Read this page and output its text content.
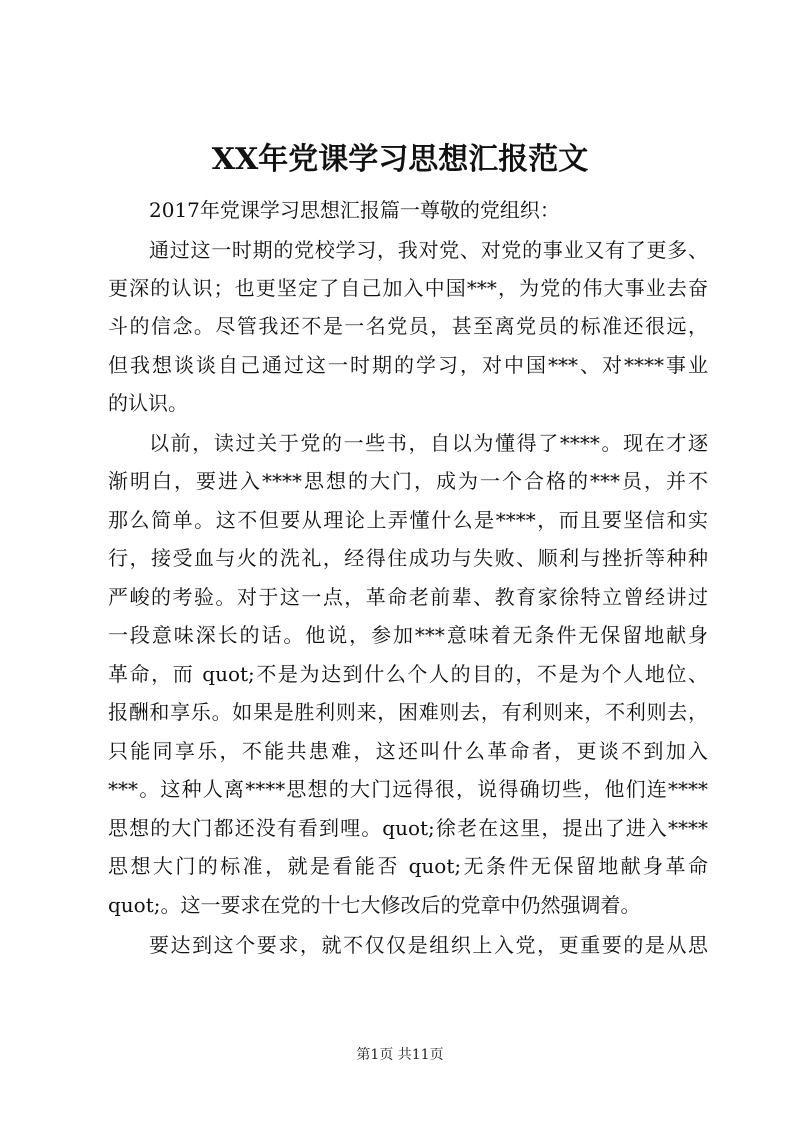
XX年党课学习思想汇报范文
2017年党课学习思想汇报篇一尊敬的党组织：
通过这一时期的党校学习，我对党、对党的事业又有了更多、
更深的认识；也更坚定了自己加入中国***，为党的伟大事业去奋
斗的信念。尽管我还不是一名党员，甚至离党员的标准还很远，
但我想谈谈自己通过这一时期的学习，对中国***、对****事业
的认识。
以前，读过关于党的一些书，自以为懂得了****。现在才逐
渐明白，要进入****思想的大门，成为一个合格的***员，并不
那么简单。这不但要从理论上弄懂什么是****，而且要坚信和实
行，接受血与火的洗礼，经得住成功与失败、顺利与挫折等种种
严峻的考验。对于这一点，革命老前辈、教育家徐特立曾经讲过
一段意味深长的话。他说，参加***意味着无条件无保留地献身
革命，而 quot;不是为达到什么个人的目的，不是为个人地位、
报酬和享乐。如果是胜利则来，困难则去，有利则来，不利则去，
只能同享乐，不能共患难，这还叫什么革命者，更谈不到加入
***。这种人离****思想的大门远得很，说得确切些，他们连****
思想的大门都还没有看到哩。quot;徐老在这里，提出了进入****
思想大门的标准，就是看能否 quot;无条件无保留地献身革命
quot;。这一要求在党的十七大修改后的党章中仍然强调着。
要达到这个要求，就不仅仅是组织上入党，更重要的是从思
第1页 共11页
